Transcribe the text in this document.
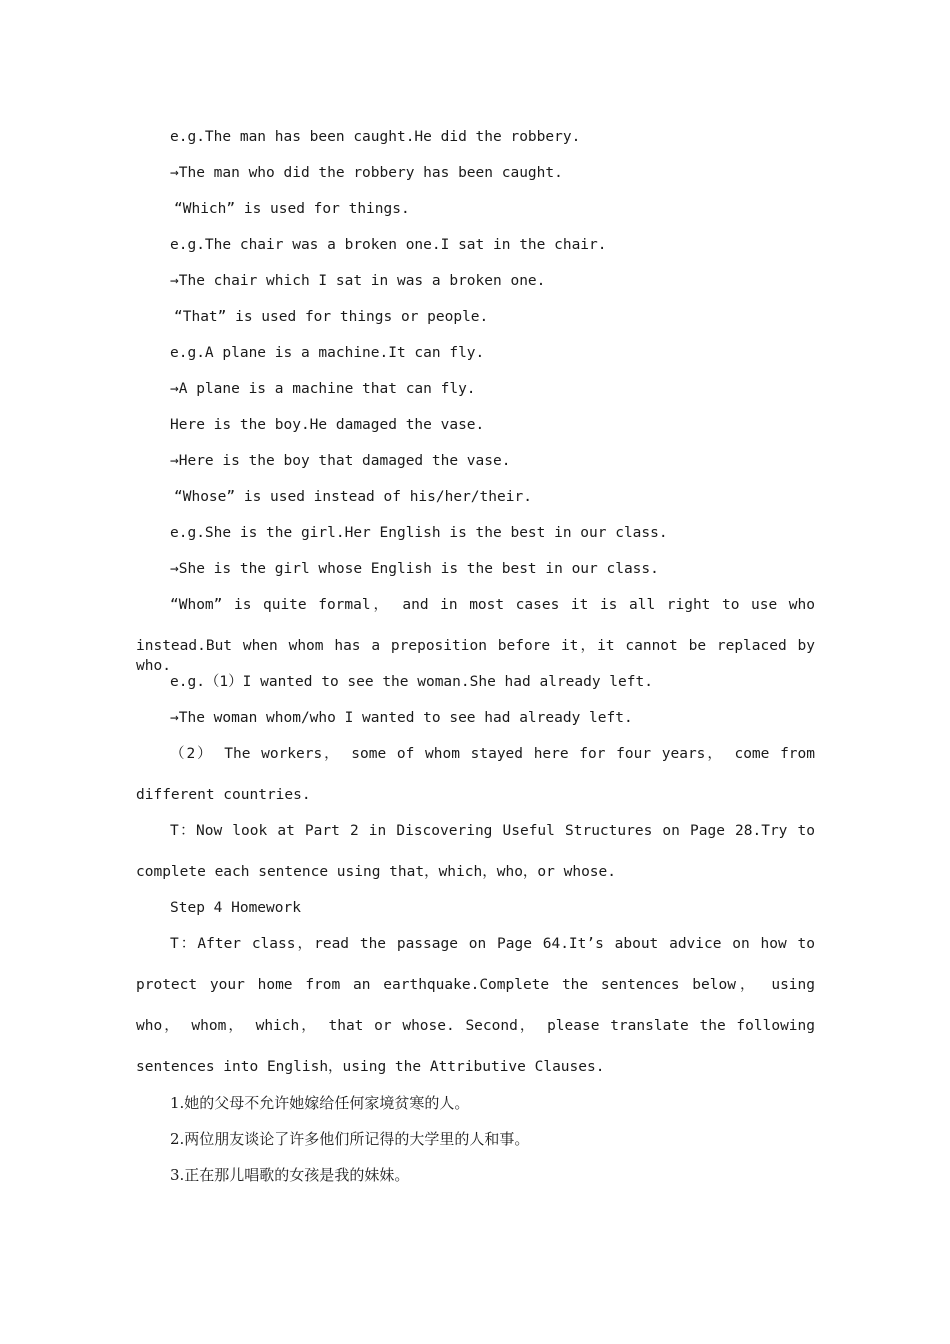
e.g.The man has been caught.He did the robbery.
→The man who did the robbery has been caught.
“Which” is used for things.
e.g.The chair was a broken one.I sat in the chair.
→The chair which I sat in was a broken one.
“That” is used for things or people.
e.g.A plane is a machine.It can fly.
→A plane is a machine that can fly.
Here is the boy.He damaged the vase.
→Here is the boy that damaged the vase.
“Whose” is used instead of his/her/their.
e.g.She is the girl.Her English is the best in our class.
→She is the girl whose English is the best in our class.
“Whom” is quite formal， and in most cases it is all right to use who
instead.But when whom has a preposition before it，it cannot be replaced by who.
e.g.（1）I wanted to see the woman.She had already left.
→The woman whom/who I wanted to see had already left.
（2） The workers， some of whom stayed here for four years， come from
different countries.
T：Now look at Part 2 in Discovering Useful Structures on Page 28.Try to
complete each sentence using that，which，who，or whose.
Step 4 Homework
T：After class，read the passage on Page 64.It’s about advice on how to
protect your home from an earthquake.Complete the sentences below， using
who， whom， which， that or whose. Second， please translate the following
sentences into English，using the Attributive Clauses.
1.她的父母不允许她嫁给任何家境贫寒的人。
2.两位朋友谈论了许多他们所记得的大学里的人和事。
3.正在那儿唱歌的女孩是我的妹妹。
